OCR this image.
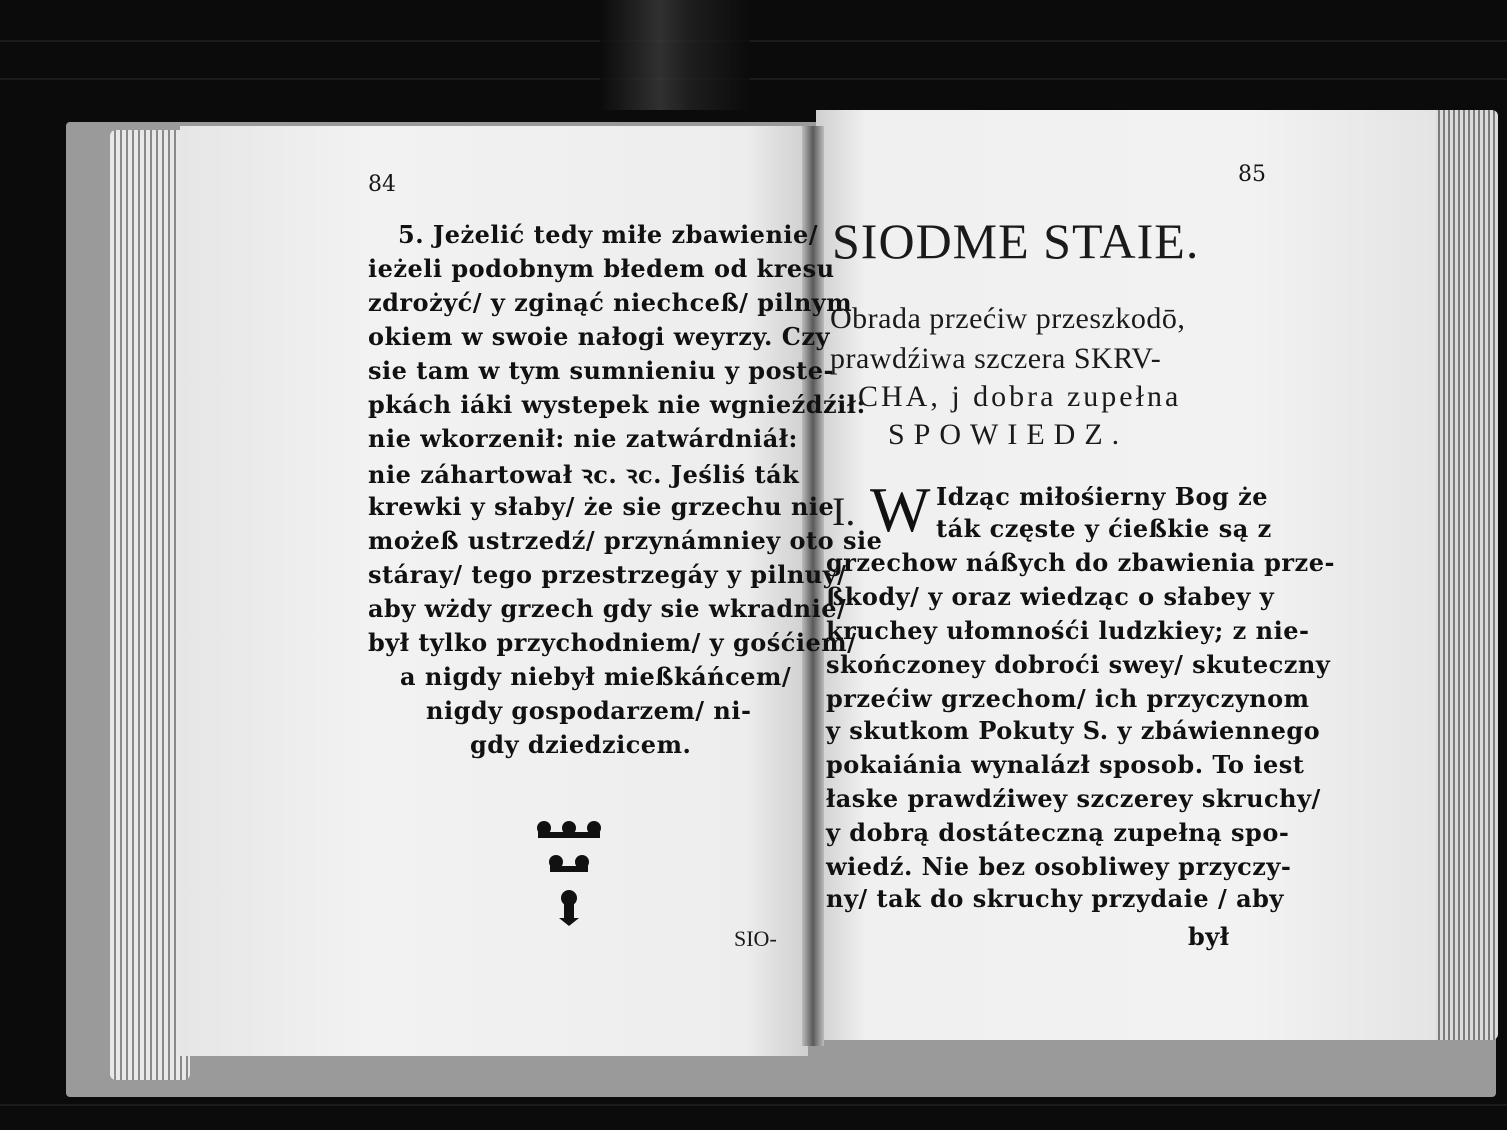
84
5. Jeżelić tedy miłe zbawienie/
ieżeli podobnym błedem od kresu
zdrożyć/ y zginąć niechceß/ pilnym
okiem w swoie nałogi weyrzy. Czy
sie tam w tym sumnieniu y poste-
pkách iáki wystepek nie wgnieźdźił:
nie wkorzenił: nie zatwárdniáł:
nie záhartował ꝛc. ꝛc. Jeśliś ták
krewki y słaby/ że sie grzechu nie
możeß ustrzedź/ przynámniey oto sie
stáray/ tego przestrzegáy y pilnuy/
aby wżdy grzech gdy sie wkradnie/
był tylko przychodniem/ y gośćiem/
a nigdy niebył mießkáńcem/
nigdy gospodarzem/ ni-
gdy dziedzicem.
SIO-
85
SIODME STAIE.
Obrada przećiw przeszkodō,
prawdźiwa szczera SKRV-
CHA, j dobra zupełna
SPOWIEDZ.
I. W Idząc miłośierny Bog że
ták częste y ćießkie są z
grzechow náßych do zbawienia prze-
ßkody/ y oraz wiedząc o słabey y
kruchey ułomnośći ludzkiey; z nie-
skończoney dobroći swey/ skuteczny
przećiw grzechom/ ich przyczynom
y skutkom Pokuty S. y zbáwiennego
pokaiánia wynalázł sposob. To iest
łaske prawdźiwey szczerey skruchy/
y dobrą dostáteczną zupełną spo-
wiedź. Nie bez osobliwey przyczy-
ny/ tak do skruchy przydaie / aby
był
